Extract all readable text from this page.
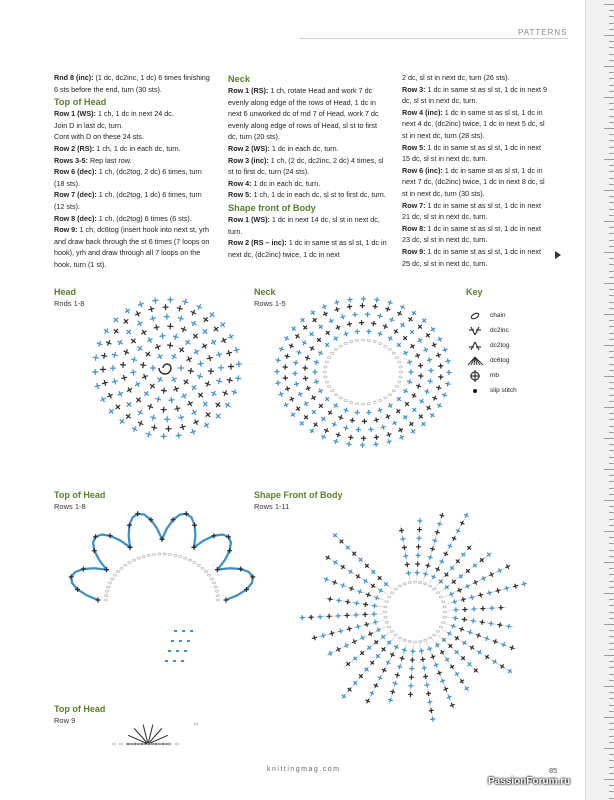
PATTERNS

Rnd 8 (inc): (1 dc, dc2inc, 1 dc) 6 times finishing 6 sts before the end, turn (30 sts).

Top of Head

Row 1 (WS): 1 ch, 1 dc in next 24 dc.

Join D in last dc, turn.

Cont with D on these 24 sts.

Row 2 (RS): 1 ch, 1 dc in each dc, turn.

Rows 3-5: Rep last row.

Row 6 (dec): 1 ch, (dc2tog, 2 dc) 6 times, turn (18 sts).

Row 7 (dec): 1 ch, (dc2tog, 1 dc) 6 times, turn (12 sts).

Row 8 (dec): 1 ch, (dc2tog) 6 times (6 sts).

Row 9: 1 ch, dc6tog (insert hook into next st, yrh and draw back through the st 6 times (7 loops on hook), yrh and draw through all 7 loops on the hook, turn (1 st).

Neck

Row 1 (RS): 1 ch, rotate Head and work 7 dc evenly along edge of the rows of Head, 1 dc in next 6 unworked dc of rnd 7 of Head, work 7 dc evenly along edge of rows of Head, sl st to first dc, turn (20 sts).

Row 2 (WS): 1 dc in each dc, turn.

Row 3 (inc): 1 ch, (2 dc, dc2inc, 2 dc) 4 times, sl st to first dc, turn (24 sts).

Row 4: 1 dc in each dc, turn.

Row 5: 1 ch, 1 dc in each dc, sl st to first dc, turn.

Shape front of Body

Row 1 (WS): 1 dc in next 14 dc, sl st in next dc, turn.

Row 2 (RS – inc): 1 dc in same st as sl st, 1 dc in next dc, (dc2inc) twice, 1 dc in next

2 dc, sl st in next dc, turn (26 sts).

Row 3: 1 dc in same st as sl st, 1 dc in next 9 dc, sl st in next dc, turn.

Row 4 (inc): 1 dc in same st as sl st, 1 dc in next 4 dc, (dc2inc) twice, 1 dc in next 5 dc, sl st in next dc, turn (28 sts).

Row 5: 1 dc in same st as sl st, 1 dc in next 15 dc, sl st in next dc, turn.

Row 6 (inc): 1 dc in same st as sl st, 1 dc in next 7 dc, (dc2inc) twice, 1 dc in next 8 dc, sl st in next dc, turn (30 sts).

Row 7: 1 dc in same st as sl st, 1 dc in next 21 dc, sl st in next dc, turn.

Row 8: 1 dc in same st as sl st, 1 dc in next 23 dc, sl st in next dc, turn.

Row 9: 1 dc in same st as sl st, 1 dc in next 25 dc, sl st in next dc, turn.

Head
Rnds 1-8
Neck
Rows 1-5
Top of Head
Rows 1-8
Shape Front of Body
Rows 1-11
Top of Head
Row 9
Key
chain
dc2inc
dc2tog
dc6tog
mb
slip stitch
knittingmag.com	85
PassionForum.ru
